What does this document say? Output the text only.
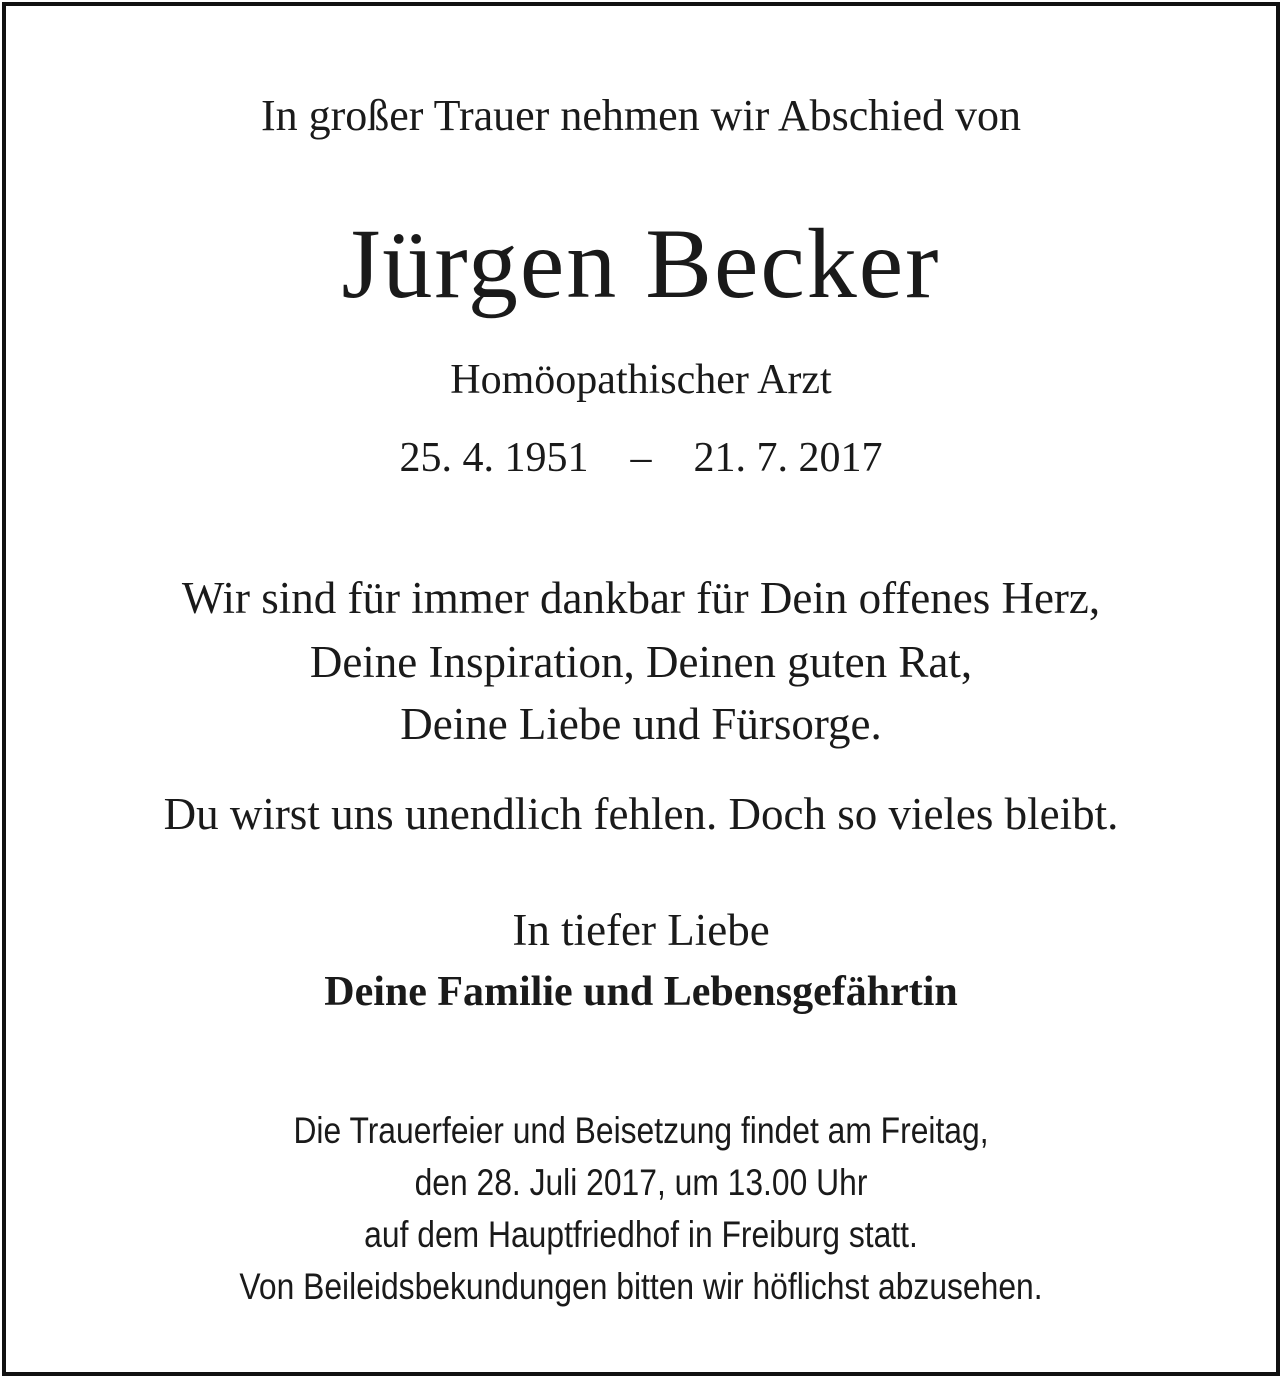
In großer Trauer nehmen wir Abschied von

Jürgen Becker

Homöopathischer Arzt

25. 4. 1951 – 21. 7. 2017

Wir sind für immer dankbar für Dein offenes Herz,

Deine Inspiration, Deinen guten Rat,

Deine Liebe und Fürsorge.

Du wirst uns unendlich fehlen. Doch so vieles bleibt.

In tiefer Liebe

Deine Familie und Lebensgefährtin

Die Trauerfeier und Beisetzung findet am Freitag,

den 28. Juli 2017, um 13.00 Uhr

auf dem Hauptfriedhof in Freiburg statt.

Von Beileidsbekundungen bitten wir höflichst abzusehen.
